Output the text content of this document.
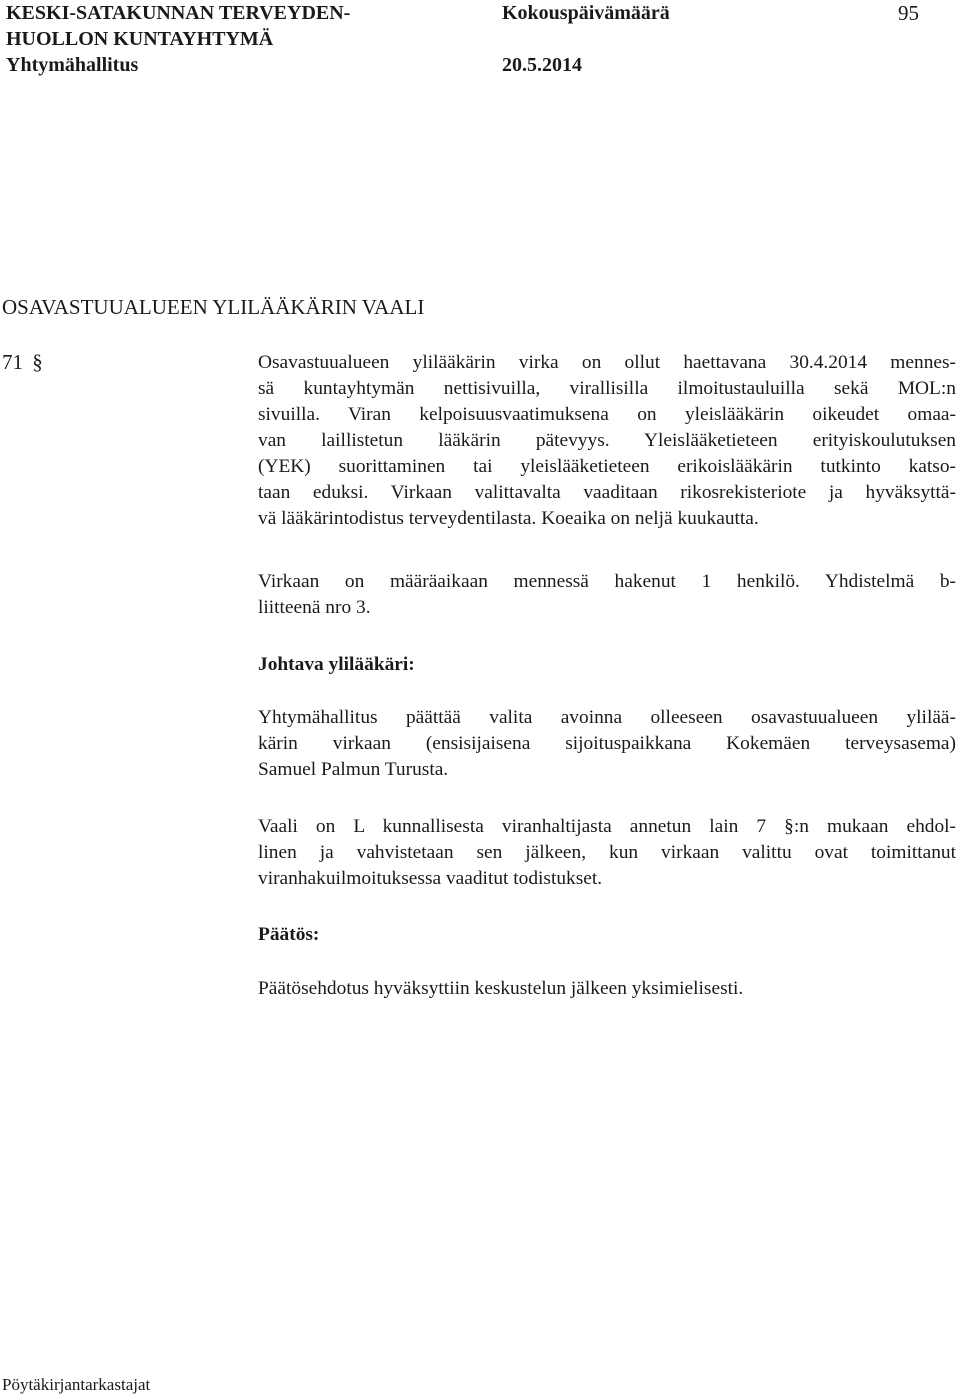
KESKI-SATAKUNNAN TERVEYDEN-
HUOLLON KUNTAYHTYMÄ
Yhtymähallitus
Kokouspäivämäärä
20.5.2014
95
OSAVASTUUALUEEN YLILÄÄKÄRIN VAALI
71 §	Osavastuualueen ylilääkärin virka on ollut haettavana 30.4.2014 mennes-
sä kuntayhtymän nettisivuilla, virallisilla ilmoitustauluilla sekä MOL:n
sivuilla. Viran kelpoisuusvaatimuksena on yleislääkärin oikeudet omaa-
van laillistetun lääkärin pätevyys. Yleislääketieteen erityiskoulutuksen
(YEK) suorittaminen tai yleislääketieteen erikoislääkärin tutkinto katso-
taan eduksi. Virkaan valittavalta vaaditaan rikosrekisteriote ja hyväksyttä-
vä lääkärintodistus terveydentilasta. Koeaika on neljä kuukautta.
Virkaan on määräaikaan mennessä hakenut 1 henkilö. Yhdistelmä b-
liitteenä nro 3.
Johtava ylilääkäri:
Yhtymähallitus päättää valita avoinna olleeseen osavastuualueen ylilää-
kärin virkaan (ensisijaisena sijoituspaikkana Kokemäen terveysasema)
Samuel Palmun Turusta.
Vaali on L kunnallisesta viranhaltijasta annetun lain 7 §:n mukaan ehdol-
linen ja vahvistetaan sen jälkeen, kun virkaan valittu ovat toimittanut
viranhakuilmoituksessa vaaditut todistukset.
Päätös:
Päätösehdotus hyväksyttiin keskustelun jälkeen yksimielisesti.
Pöytäkirjantarkastajat
